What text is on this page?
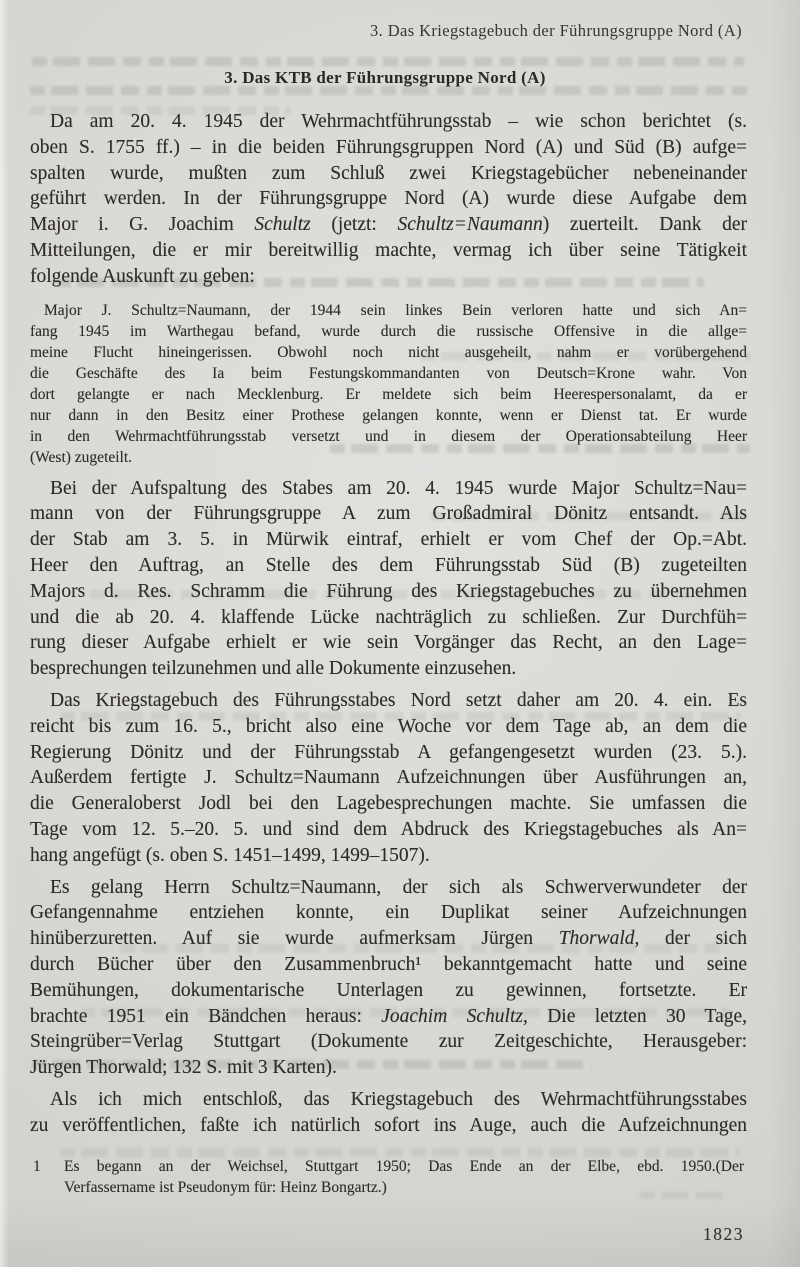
3. Das Kriegstagebuch der Führungsgruppe Nord (A)
3. Das KTB der Führungsgruppe Nord (A)
Da am 20. 4. 1945 der Wehrmachtführungsstab – wie schon berichtet (s.
oben S. 1755 ff.) – in die beiden Führungsgruppen Nord (A) und Süd (B) aufge=
spalten wurde, mußten zum Schluß zwei Kriegstagebücher nebeneinander
geführt werden. In der Führungsgruppe Nord (A) wurde diese Aufgabe dem
Major i. G. Joachim Schultz (jetzt: Schultz=Naumann) zuerteilt. Dank der
Mitteilungen, die er mir bereitwillig machte, vermag ich über seine Tätigkeit
folgende Auskunft zu geben:
Major J. Schultz=Naumann, der 1944 sein linkes Bein verloren hatte und sich An=
fang 1945 im Warthegau befand, wurde durch die russische Offensive in die allge=
meine Flucht hineingerissen. Obwohl noch nicht ausgeheilt, nahm er vorübergehend
die Geschäfte des Ia beim Festungskommandanten von Deutsch=Krone wahr. Von
dort gelangte er nach Mecklenburg. Er meldete sich beim Heerespersonalamt, da er
nur dann in den Besitz einer Prothese gelangen konnte, wenn er Dienst tat. Er wurde
in den Wehrmachtführungsstab versetzt und in diesem der Operationsabteilung Heer
(West) zugeteilt.
Bei der Aufspaltung des Stabes am 20. 4. 1945 wurde Major Schultz=Nau=
mann von der Führungsgruppe A zum Großadmiral Dönitz entsandt. Als
der Stab am 3. 5. in Mürwik eintraf, erhielt er vom Chef der Op.=Abt.
Heer den Auftrag, an Stelle des dem Führungsstab Süd (B) zugeteilten
Majors d. Res. Schramm die Führung des Kriegstagebuches zu übernehmen
und die ab 20. 4. klaffende Lücke nachträglich zu schließen. Zur Durchfüh=
rung dieser Aufgabe erhielt er wie sein Vorgänger das Recht, an den Lage=
besprechungen teilzunehmen und alle Dokumente einzusehen.
Das Kriegstagebuch des Führungsstabes Nord setzt daher am 20. 4. ein. Es
reicht bis zum 16. 5., bricht also eine Woche vor dem Tage ab, an dem die
Regierung Dönitz und der Führungsstab A gefangengesetzt wurden (23. 5.).
Außerdem fertigte J. Schultz=Naumann Aufzeichnungen über Ausführungen an,
die Generaloberst Jodl bei den Lagebesprechungen machte. Sie umfassen die
Tage vom 12. 5.–20. 5. und sind dem Abdruck des Kriegstagebuches als An=
hang angefügt (s. oben S. 1451–1499, 1499–1507).
Es gelang Herrn Schultz=Naumann, der sich als Schwerverwundeter der
Gefangennahme entziehen konnte, ein Duplikat seiner Aufzeichnungen
hinüberzuretten. Auf sie wurde aufmerksam Jürgen Thorwald, der sich
durch Bücher über den Zusammenbruch¹ bekanntgemacht hatte und seine
Bemühungen, dokumentarische Unterlagen zu gewinnen, fortsetzte. Er
brachte 1951 ein Bändchen heraus: Joachim Schultz, Die letzten 30 Tage,
Steingrüber=Verlag Stuttgart (Dokumente zur Zeitgeschichte, Herausgeber:
Jürgen Thorwald; 132 S. mit 3 Karten).
Als ich mich entschloß, das Kriegstagebuch des Wehrmachtführungsstabes
zu veröffentlichen, faßte ich natürlich sofort ins Auge, auch die Aufzeichnungen
1	Es begann an der Weichsel, Stuttgart 1950; Das Ende an der Elbe, ebd. 1950.(Der
Verfassername ist Pseudonym für: Heinz Bongartz.)
1823
